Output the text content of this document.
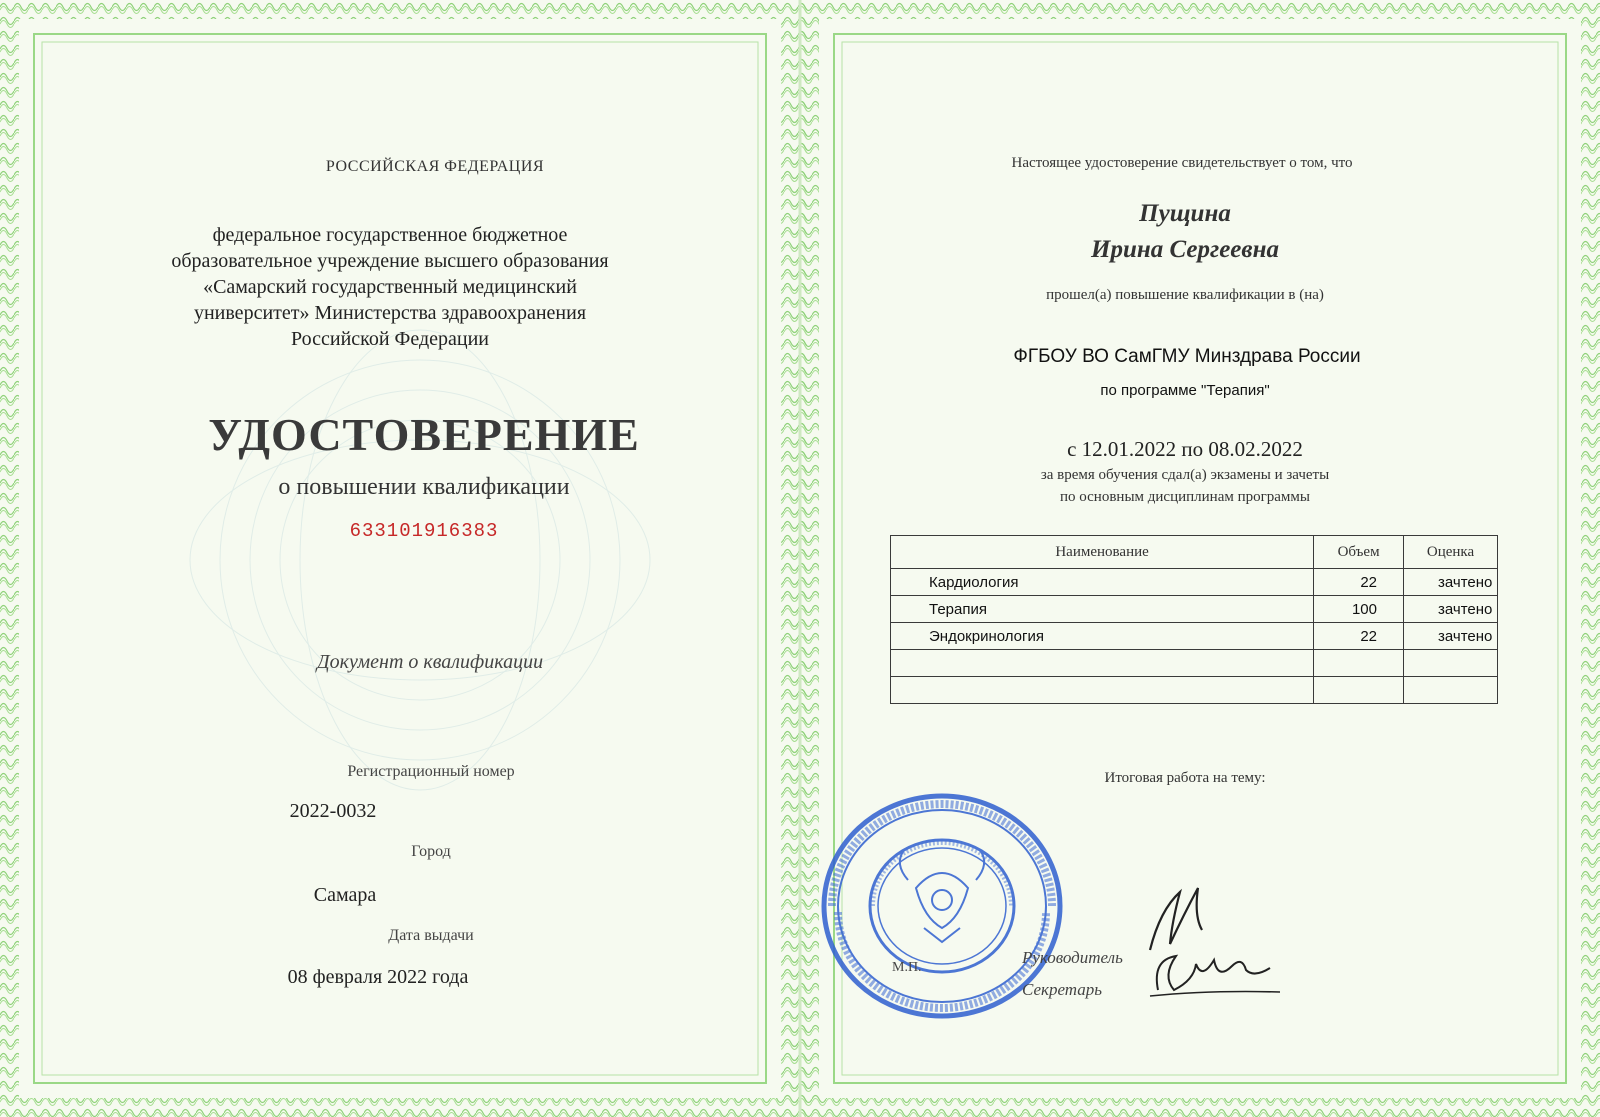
РОССИЙСКАЯ ФЕДЕРАЦИЯ
федеральное государственное бюджетное
образовательное учреждение высшего образования
«Самарский государственный медицинский
университет» Министерства здравоохранения
Российской Федерации
УДОСТОВЕРЕНИЕ
о повышении квалификации
633101916383
Документ о квалификации
Регистрационный номер
2022-0032
Город
Самара
Дата выдачи
08 февраля 2022 года
Настоящее удостоверение свидетельствует о том, что
Пущина
Ирина Сергеевна
прошел(а) повышение квалификации в (на)
ФГБОУ ВО СамГМУ Минздрава России
по программе "Терапия"
с 12.01.2022 по 08.02.2022
за время обучения сдал(а) экзамены и зачеты
по основным дисциплинам программы
Наименование	Объем	Оценка
Кардиология	22	зачтено
Терапия	100	зачтено
Эндокринология	22	зачтено

Итоговая работа на тему:
М.П.
Руководитель
Секретарь
